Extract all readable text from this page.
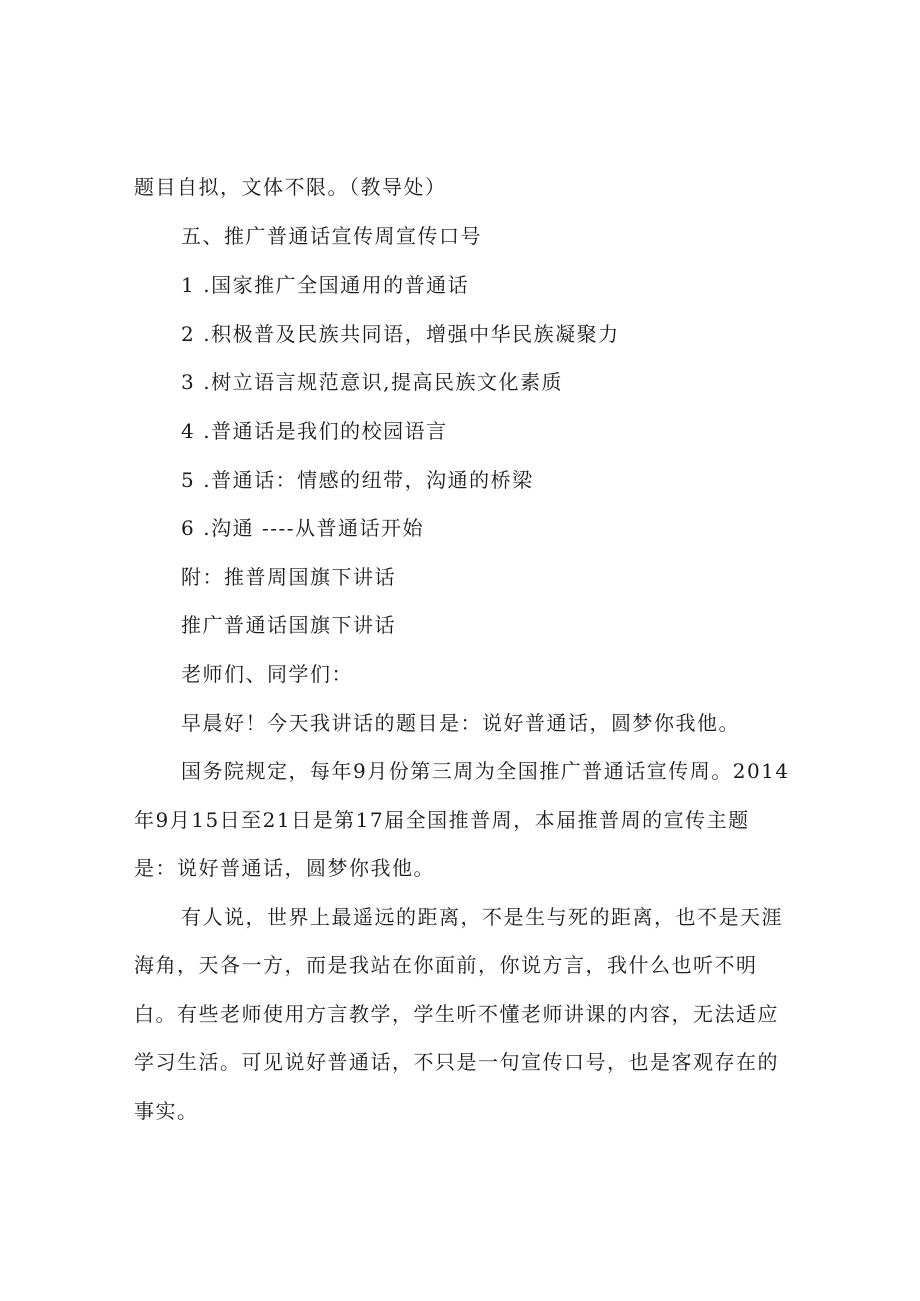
题目自拟，文体不限。（教导处）
五、推广普通话宣传周宣传口号
1 .国家推广全国通用的普通话
2 .积极普及民族共同语，增强中华民族凝聚力
3 .树立语言规范意识,提高民族文化素质
4 .普通话是我们的校园语言
5 .普通话：情感的纽带，沟通的桥梁
6 .沟通 ----从普通话开始
附：推普周国旗下讲话
推广普通话国旗下讲话
老师们、同学们：
早晨好！今天我讲话的题目是：说好普通话，圆梦你我他。
国务院规定，每年9月份第三周为全国推广普通话宣传周。2014
年9月15日至21日是第17届全国推普周，本届推普周的宣传主题
是：说好普通话，圆梦你我他。
有人说，世界上最遥远的距离，不是生与死的距离，也不是天涯
海角，天各一方，而是我站在你面前，你说方言，我什么也听不明
白。有些老师使用方言教学，学生听不懂老师讲课的内容，无法适应
学习生活。可见说好普通话，不只是一句宣传口号，也是客观存在的
事实。
